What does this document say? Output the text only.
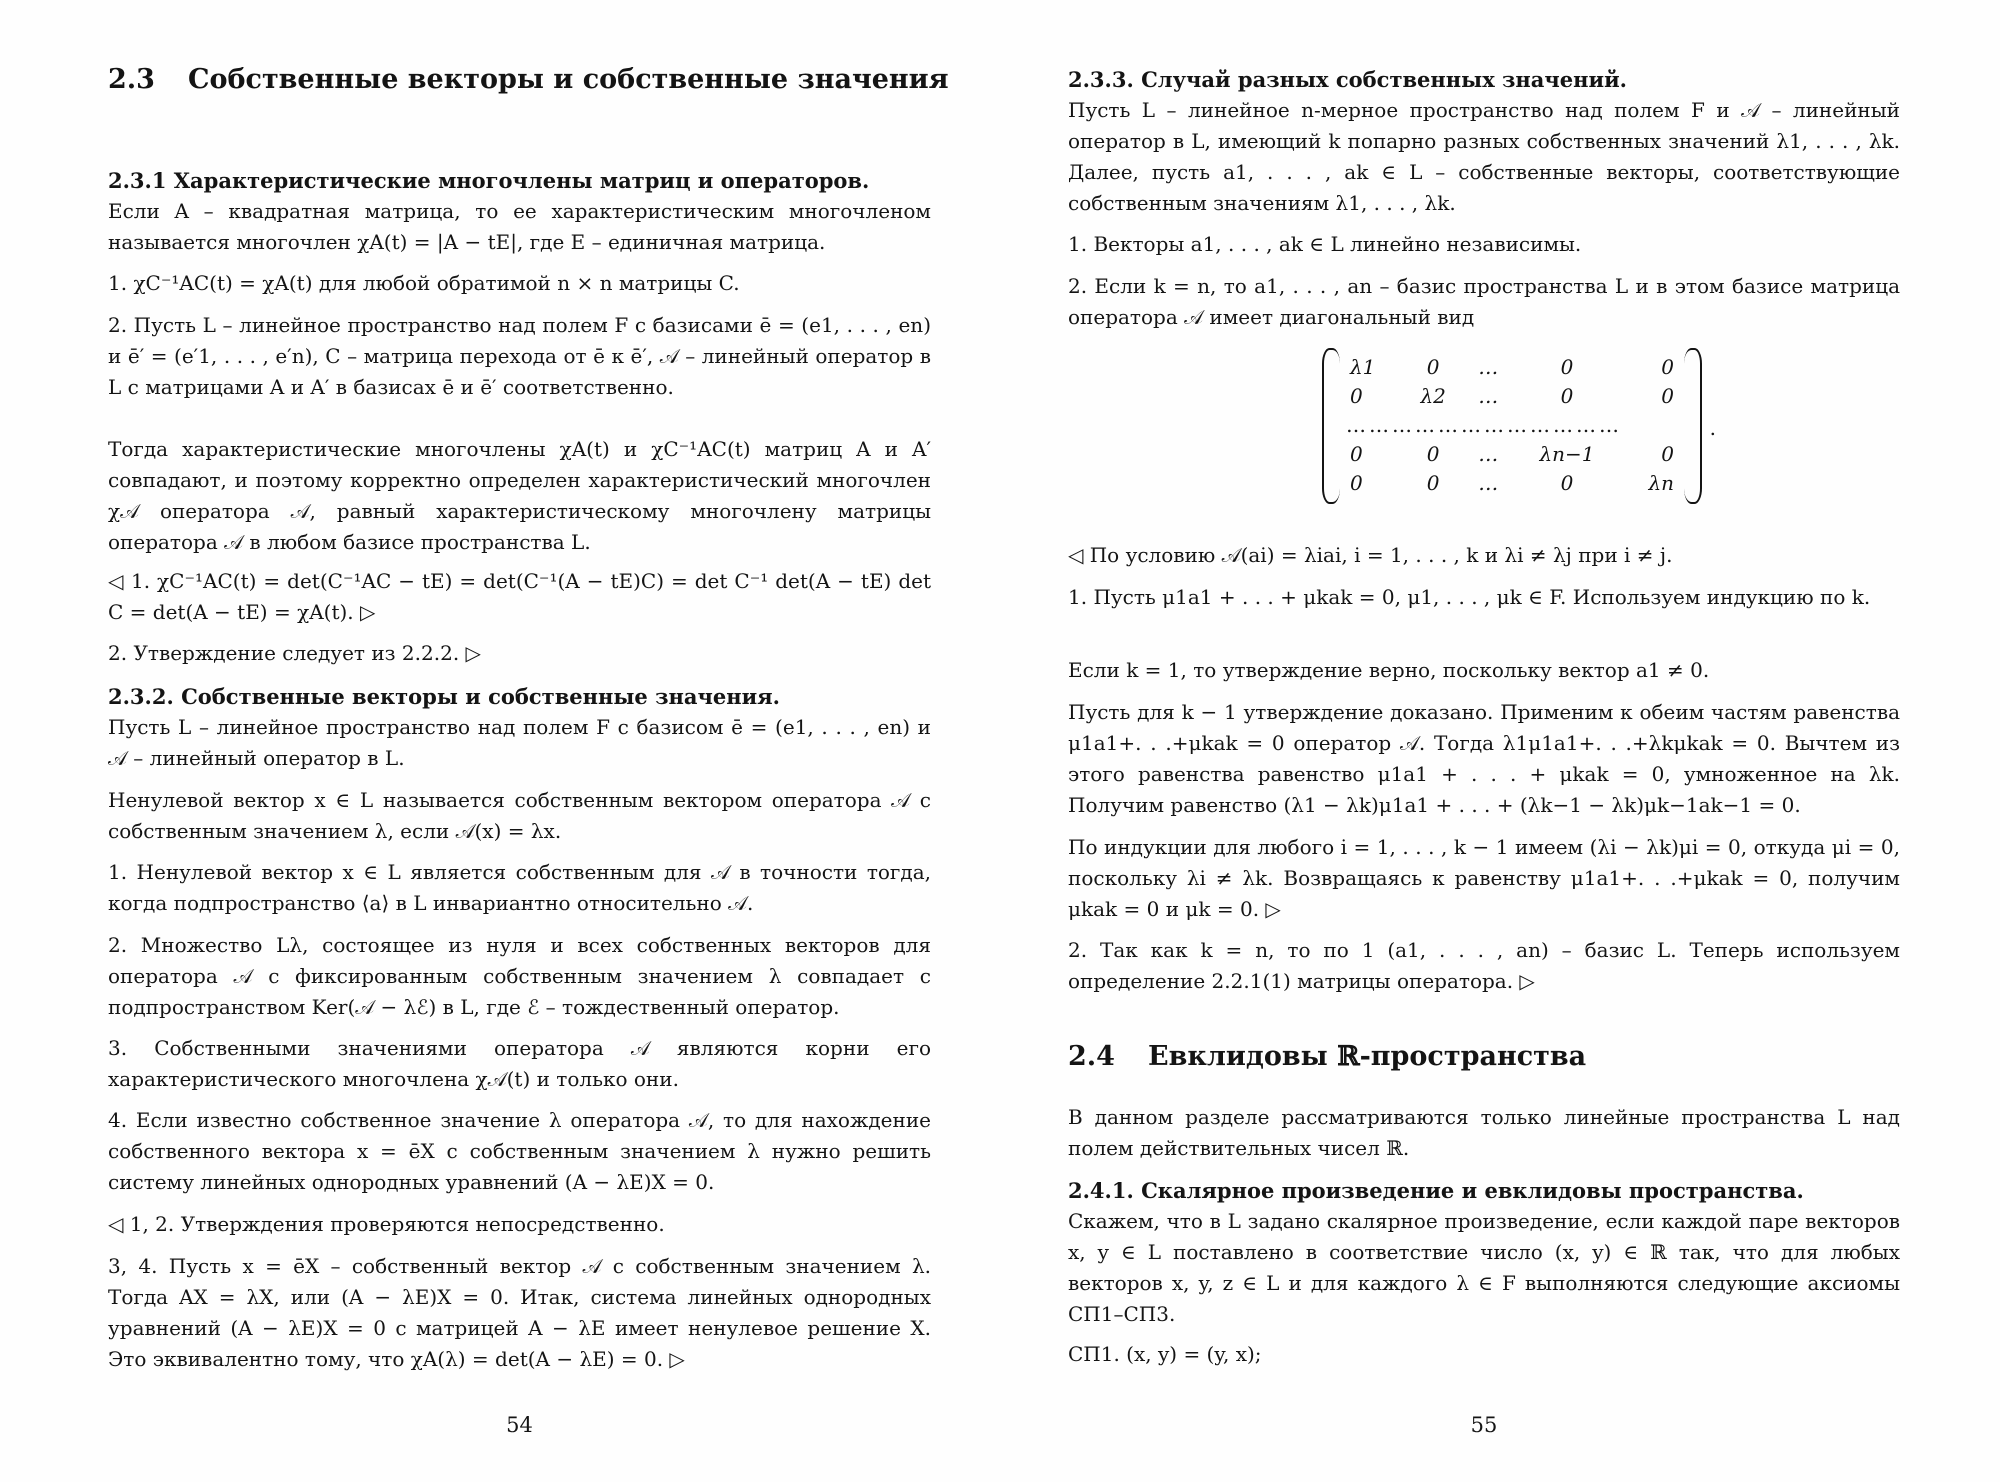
2.3 Собственные векторы и собственные значения

2.3.1 Характеристические многочлены матриц и операторов.

Если A – квадратная матрица, то ее характеристическим многочленом называется многочлен χA(t) = |A − tE|, где E – единичная матрица.

1. χC⁻¹AC(t) = χA(t) для любой обратимой n × n матрицы C.

2. Пусть L – линейное пространство над полем F с базисами ē = (e1, . . . , en) и ē′ = (e′1, . . . , e′n), C – матрица перехода от ē к ē′, 𝒜 – линейный оператор в L с матрицами A и A′ в базисах ē и ē′ соответственно.

Тогда характеристические многочлены χA(t) и χC⁻¹AC(t) матриц A и A′ совпадают, и поэтому корректно определен характеристический многочлен χ𝒜 оператора 𝒜, равный характеристическому многочлену матрицы оператора 𝒜 в любом базисе пространства L.

◁ 1. χC⁻¹AC(t) = det(C⁻¹AC − tE) = det(C⁻¹(A − tE)C) = det C⁻¹ det(A − tE) det C = det(A − tE) = χA(t). ▷

2. Утверждение следует из 2.2.2. ▷

2.3.2. Собственные векторы и собственные значения.

Пусть L – линейное пространство над полем F с базисом ē = (e1, . . . , en) и 𝒜 – линейный оператор в L.

Ненулевой вектор x ∈ L называется собственным вектором оператора 𝒜 с собственным значением λ, если 𝒜(x) = λx.

1. Ненулевой вектор x ∈ L является собственным для 𝒜 в точности тогда, когда подпространство ⟨a⟩ в L инвариантно относительно 𝒜.

2. Множество Lλ, состоящее из нуля и всех собственных векторов для оператора 𝒜 с фиксированным собственным значением λ совпадает с подпространством Ker(𝒜 − λℰ) в L, где ℰ – тождественный оператор.

3. Собственными значениями оператора 𝒜 являются корни его характеристического многочлена χ𝒜(t) и только они.

4. Если известно собственное значение λ оператора 𝒜, то для нахождение собственного вектора x = ēX с собственным значением λ нужно решить систему линейных однородных уравнений (A − λE)X = 0.

◁ 1, 2. Утверждения проверяются непосредственно.

3, 4. Пусть x = ēX – собственный вектор 𝒜 с собственным значением λ. Тогда AX = λX, или (A − λE)X = 0. Итак, система линейных однородных уравнений (A − λE)X = 0 с матрицей A − λE имеет ненулевое решение X. Это эквивалентно тому, что χA(λ) = det(A − λE) = 0. ▷

54

2.3.3. Случай разных собственных значений.

Пусть L – линейное n-мерное пространство над полем F и 𝒜 – линейный оператор в L, имеющий k попарно разных собственных значений λ1, . . . , λk. Далее, пусть a1, . . . , ak ∈ L – собственные векторы, соответствующие собственным значениям λ1, . . . , λk.

1. Векторы a1, . . . , ak ∈ L линейно независимы.

2. Если k = n, то a1, . . . , an – базис пространства L и в этом базисе матрица оператора 𝒜 имеет диагональный вид

λ1	0	…	0	0
0	λ2	…	0	0
………………………………				
0	0	…	λn−1	0
0	0	…	0	λn
.

◁ По условию 𝒜(ai) = λiai, i = 1, . . . , k и λi ≠ λj при i ≠ j.

1. Пусть μ1a1 + . . . + μkak = 0, μ1, . . . , μk ∈ F. Используем индукцию по k.

Если k = 1, то утверждение верно, поскольку вектор a1 ≠ 0.

Пусть для k − 1 утверждение доказано. Применим к обеим частям равенства μ1a1+. . .+μkak = 0 оператор 𝒜. Тогда λ1μ1a1+. . .+λkμkak = 0. Вычтем из этого равенства равенство μ1a1 + . . . + μkak = 0, умноженное на λk. Получим равенство (λ1 − λk)μ1a1 + . . . + (λk−1 − λk)μk−1ak−1 = 0.

По индукции для любого i = 1, . . . , k − 1 имеем (λi − λk)μi = 0, откуда μi = 0, поскольку λi ≠ λk. Возвращаясь к равенству μ1a1+. . .+μkak = 0, получим μkak = 0 и μk = 0. ▷

2. Так как k = n, то по 1 (a1, . . . , an) – базис L. Теперь используем определение 2.2.1(1) матрицы оператора. ▷

2.4 Евклидовы ℝ-пространства

В данном разделе рассматриваются только линейные пространства L над полем действительных чисел ℝ.

2.4.1. Скалярное произведение и евклидовы пространства.

Скажем, что в L задано скалярное произведение, если каждой паре векторов x, y ∈ L поставлено в соответствие число (x, y) ∈ ℝ так, что для любых векторов x, y, z ∈ L и для каждого λ ∈ F выполняются следующие аксиомы СП1–СП3.

СП1. (x, y) = (y, x);

55
